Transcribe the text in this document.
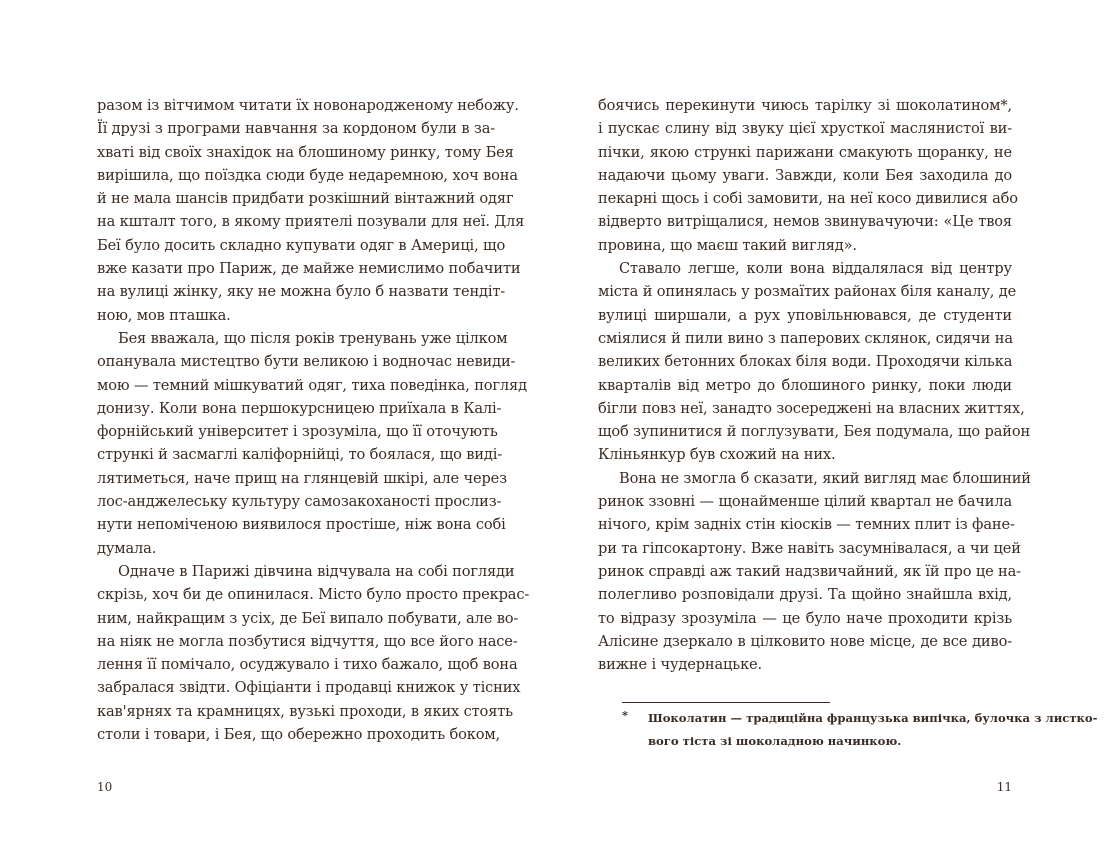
разом із вітчимом читати їх новонародженому небожу.
Її друзі з програми навчання за кордоном були в за-
хваті від своїх знахідок на блошиному ринку, тому Бея
вирішила, що поїздка сюди буде недаремною, хоч вона
й не мала шансів придбати розкішний вінтажний одяг
на кшталт того, в якому приятелі позували для неї. Для
Беї було досить складно купувати одяг в Америці, що
вже казати про Париж, де майже немислимо побачити
на вулиці жінку, яку не можна було б назвати тендіт-
ною, мов пташка.
Бея вважала, що після років тренувань уже цілком
опанувала мистецтво бути великою і водночас невиди-
мою — темний мішкуватий одяг, тиха поведінка, погляд
донизу. Коли вона першокурсницею приїхала в Калі-
форнійський університет і зрозуміла, що її оточують
стрункі й засмаглі каліфорнійці, то боялася, що виді-
лятиметься, наче прищ на глянцевій шкірі, але через
лос-анджелеську культуру самозакоханості прослиз-
нути непоміченою виявилося простіше, ніж вона собі
думала.
Одначе в Парижі дівчина відчувала на собі погляди
скрізь, хоч би де опинилася. Місто було просто прекрас-
ним, найкращим з усіх, де Беї випало побувати, але во-
на ніяк не могла позбутися відчуття, що все його насе-
лення її помічало, осуджувало і тихо бажало, щоб вона
забралася звідти. Офіціанти і продавці книжок у тісних
кав'ярнях та крамницях, вузькі проходи, в яких стоять
столи і товари, і Бея, що обережно проходить боком,
боячись перекинути чиюсь тарілку зі шоколатином*,
і пускає слину від звуку цієї хрусткої маслянистої ви-
пічки, якою стрункі парижани смакують щоранку, не
надаючи цьому уваги. Завжди, коли Бея заходила до
пекарні щось і собі замовити, на неї косо дивилися або
відверто витріщалися, немов звинувачуючи: «Це твоя
провина, що маєш такий вигляд».
Ставало легше, коли вона віддалялася від центру
міста й опинялась у розмаїтих районах біля каналу, де
вулиці ширшали, а рух уповільнювався, де студенти
сміялися й пили вино з паперових склянок, сидячи на
великих бетонних блоках біля води. Проходячи кілька
кварталів від метро до блошиного ринку, поки люди
бігли повз неї, занадто зосереджені на власних життях,
щоб зупинитися й поглузувати, Бея подумала, що район
Кліньянкур був схожий на них.
Вона не змогла б сказати, який вигляд має блошиний
ринок ззовні — щонайменше цілий квартал не бачила
нічого, крім задніх стін кіосків — темних плит із фане-
ри та гіпсокартону. Вже навіть засумнівалася, а чи цей
ринок справді аж такий надзвичайний, як їй про це на-
полегливо розповідали друзі. Та щойно знайшла вхід,
то відразу зрозуміла — це було наче проходити крізь
Алісине дзеркало в цілковито нове місце, де все диво-
вижне і чудернацьке.
*	Шоколатин — традиційна французька випічка, булочка з листко-
вого тіста зі шоколадною начинкою.
10	11
